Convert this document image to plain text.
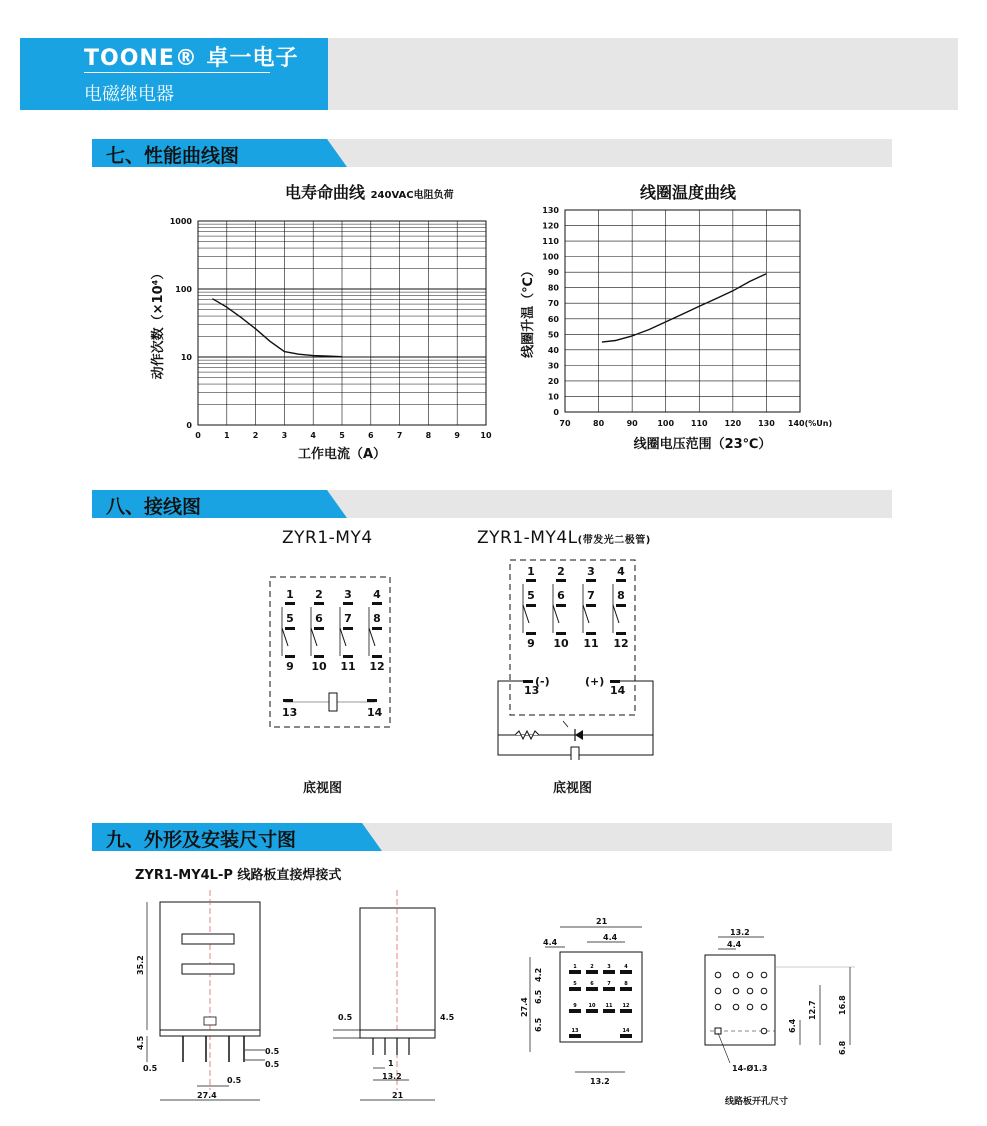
TOONE® 卓一电子
电磁继电器
七、性能曲线图
电寿命曲线 240VAC电阻负荷	线圈温度曲线
0	1	2	3	4	5	6	7	8	9	10
0
10
100
1000
工作电流（A）
动作次数（×10⁴）
0
10
20
30
40
50
60
70
80
90
100
110
120
130
70	80	90 100 110 120 130 140(%Un)
线圈电压范围（23℃）
线圈升温（℃）
八、接线图
ZYR1-MY4	ZYR1-MY4L(带发光二极管)
1
5
9
2
6
10
3
7
11
4
8
12
13	14
底视图
1
5
9
2
6
10
3
7
11
4
8
12
13
(-)	(+)
14
底视图
九、外形及安装尺寸图
ZYR1-MY4L-P 线路板直接焊接式
35.2
4.5
0.5
0.5
0.5
0.5
27.4
0.5	4.5
1
13.2
21
1	2	3	4
5	6	7	8
9 10 11 12
13	14
21
4.4
4.4
27.4
4.2
6.5
6.5
13.2
13.2
4.4
16.8
12.7
6.4
6.8
14-Ø1.3
线路板开孔尺寸
